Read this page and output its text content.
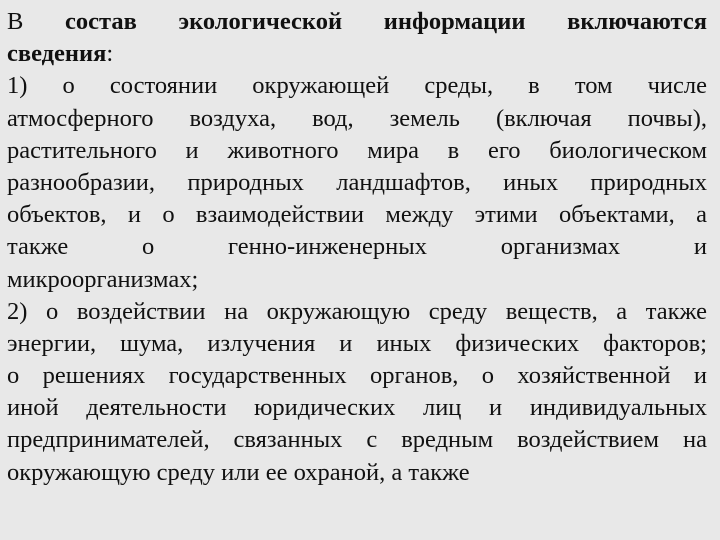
В состав экологической информации включаются
сведения:
1) о состоянии окружающей среды, в том числе
атмосферного воздуха, вод, земель (включая почвы),
растительного и животного мира в его биологическом
разнообразии, природных ландшафтов, иных природных
объектов, и о взаимодействии между этими объектами, а
также о генно-инженерных организмах и
микроорганизмах;
2) о воздействии на окружающую среду веществ, а также
энергии, шума, излучения и иных физических факторов;
о решениях государственных органов, о хозяйственной и
иной деятельности юридических лиц и индивидуальных
предпринимателей, связанных с вредным воздействием на
окружающую среду или ее охраной, а также
